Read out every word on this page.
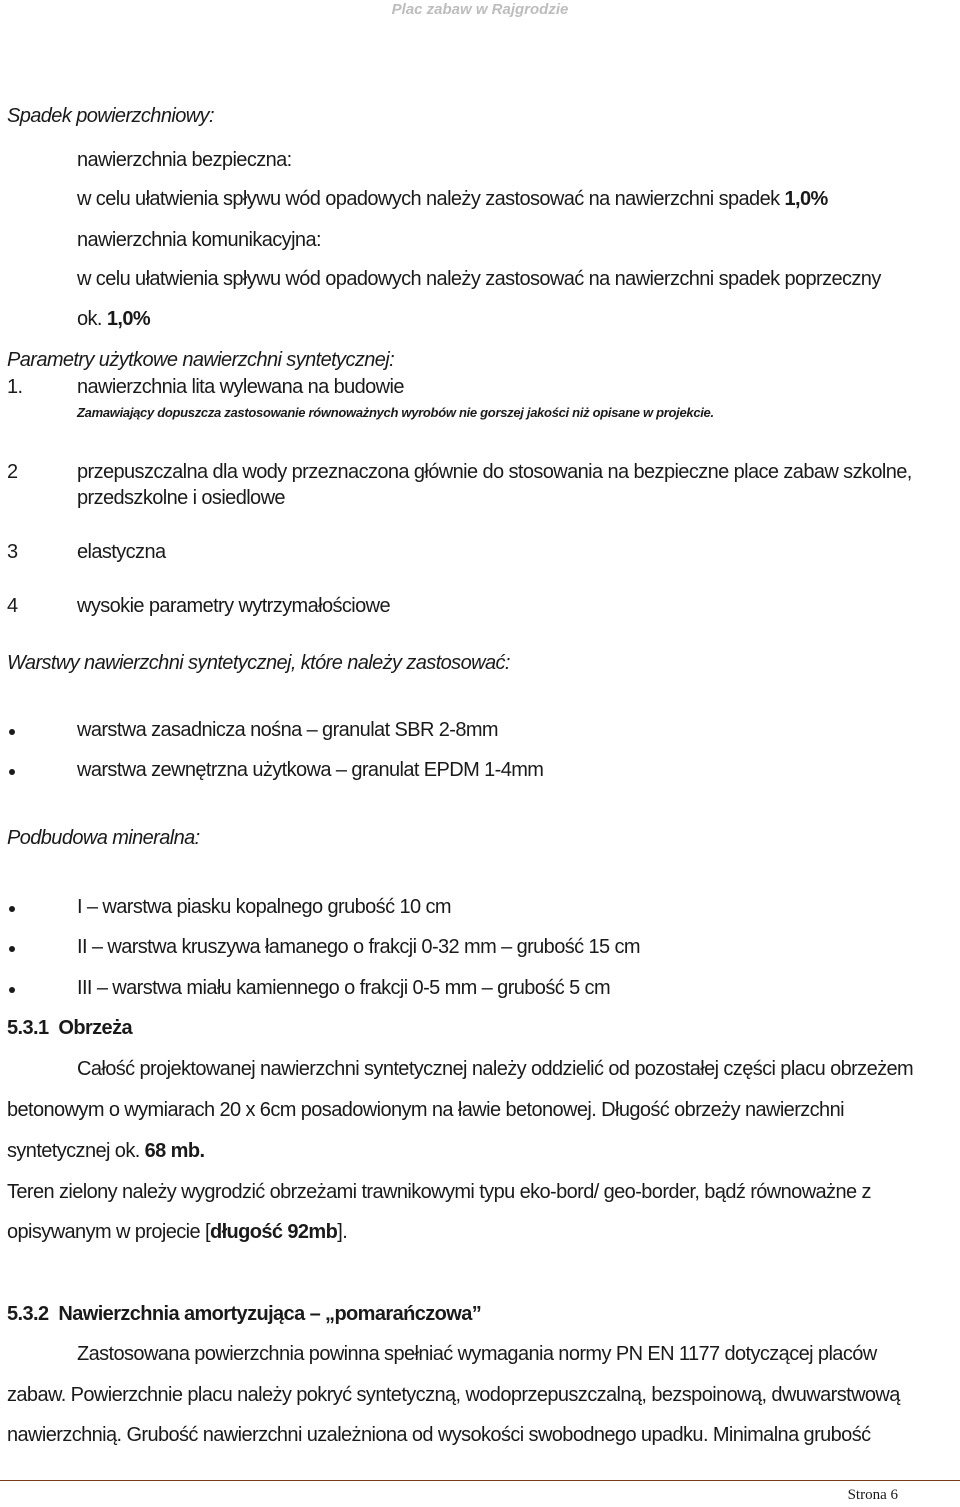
Plac zabaw w Rajgrodzie
Spadek powierzchniowy:
nawierzchnia bezpieczna:
w celu ułatwienia spływu wód opadowych należy zastosować na nawierzchni spadek 1,0%
nawierzchnia komunikacyjna:
w celu ułatwienia spływu wód opadowych należy zastosować na nawierzchni spadek poprzeczny
ok. 1,0%
Parametry użytkowe nawierzchni syntetycznej:
1.	nawierzchnia lita wylewana na budowie
Zamawiający dopuszcza zastosowanie równoważnych wyrobów nie gorszej jakości niż opisane w projekcie.
2	przepuszczalna dla wody przeznaczona głównie do stosowania na bezpieczne place zabaw szkolne,
przedszkolne i osiedlowe
3	elastyczna
4	wysokie parametry wytrzymałościowe
Warstwy nawierzchni syntetycznej, które należy zastosować:
warstwa zasadnicza nośna – granulat SBR 2-8mm
warstwa zewnętrzna użytkowa – granulat EPDM 1-4mm
Podbudowa mineralna:
I – warstwa piasku kopalnego grubość 10 cm
II – warstwa kruszywa łamanego o frakcji 0-32 mm – grubość 15 cm
III – warstwa miału kamiennego o frakcji 0-5 mm – grubość 5 cm
5.3.1  Obrzeża
Całość projektowanej nawierzchni syntetycznej należy oddzielić od pozostałej części placu obrzeżem
betonowym o wymiarach 20 x 6cm posadowionym na ławie betonowej. Długość obrzeży nawierzchni
syntetycznej ok. 68 mb.
Teren zielony należy wygrodzić obrzeżami trawnikowymi typu eko-bord/ geo-border, bądź równoważne z
opisywanym w projecie [długość 92mb].
5.3.2  Nawierzchnia amortyzująca – „pomarańczowa”
Zastosowana powierzchnia powinna spełniać wymagania normy PN EN 1177 dotyczącej placów
zabaw. Powierzchnie placu należy pokryć syntetyczną, wodoprzepuszczalną, bezspoinową, dwuwarstwową
nawierzchnią. Grubość nawierzchni uzależniona od wysokości swobodnego upadku. Minimalna grubość
Strona 6
